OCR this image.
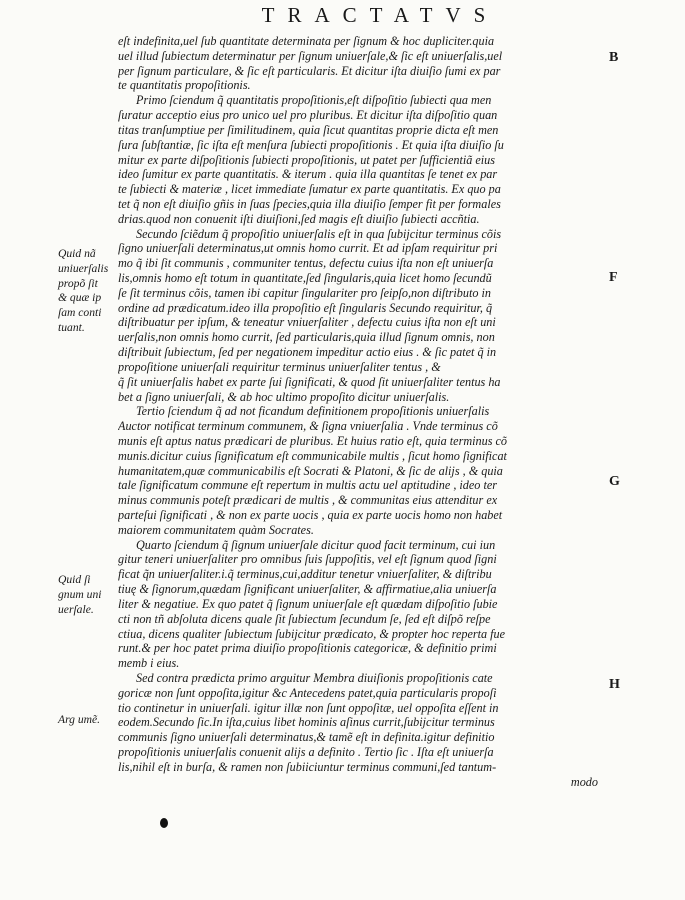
TRACTATVS
eſt indefinita,uel ſub quantitate determinata per ſignum & hoc dupliciter.quia
uel illud ſubiectum determinatur per ſignum uniuerſale,& ſic eſt uniuerſalis,uel
per ſignum particulare, & ſic eſt particularis. Et dicitur iſta diuiſio ſumi ex par
te quantitatis propoſitionis.
Primo ſciendum q̃ quantitatis propoſitionis,eſt diſpoſitio ſubiecti qua men
ſuratur acceptio eius pro unico uel pro pluribus. Et dicitur iſta diſpoſitio quan
titas tranſumptiue per ſimilitudinem, quia ſicut quantitas proprie dicta eſt men
ſura ſubſtantiæ, ſic iſta eſt menſura ſubiecti propoſitionis . Et quia iſta diuiſio ſu
mitur ex parte diſpoſitionis ſubiecti propoſitionis, ut patet per ſufficientiã eius
ideo ſumitur ex parte quantitatis. & iterum . quia illa quantitas ſe tenet ex par
te ſubiecti & materiæ , licet immediate ſumatur ex parte quantitatis. Ex quo pa
tet q̃ non eſt diuiſio gñis in ſuas ſpecies,quia illa diuiſio ſemper fit per formales
drias.quod non conuenit iſti diuiſioni,ſed magis eſt diuiſio ſubiecti accñtia.
Secundo ſciẽdum q̃ propoſitio uniuerſalis eſt in qua ſubijcitur terminus cõis
ſigno uniuerſali determinatus,ut omnis homo currit. Et ad ipſam requiritur pri
mo q̃ ibi ſit communis , communiter tentus, defectu cuius iſta non eſt uniuerſa
lis,omnis homo eſt totum in quantitate,ſed ſingularis,quia licet homo ſecundũ
ſe ſit terminus cõis, tamen ibi capitur ſingulariter pro ſeipſo,non diſtributo in
ordine ad prædicatum.ideo illa propoſitio eſt ſingularis Secundo requiritur, q̃
diſtribuatur per ipſum, & teneatur vniuerſaliter , defectu cuius iſta non eſt uni
uerſalis,non omnis homo currit, ſed particularis,quia illud ſignum omnis, non
diſtribuit ſubiectum, ſed per negationem impeditur actio eius . & ſic patet q̃ in
propoſitione uniuerſali requiritur terminus uniuerſaliter tentus , &
q̃ ſit uniuerſalis habet ex parte ſui ſignificati, & quod ſit uniuerſaliter tentus ha
bet a ſigno uniuerſali, & ab hoc ultimo propoſito dicitur uniuerſalis.
Tertio ſciendum q̃ ad not ficandum definitionem propoſitionis uniuerſalis
Auctor notificat terminum communem, & ſigna vniuerſalia . Vnde terminus cõ
munis eſt aptus natus prædicari de pluribus. Et huius ratio eſt, quia terminus cõ
munis.dicitur cuius ſignificatum eſt communicabile multis , ſicut homo ſignificat
humanitatem,quæ communicabilis eſt Socrati & Platoni, & ſic de alijs , & quia
tale ſignificatum commune eſt repertum in multis actu uel aptitudine , ideo ter
minus communis poteſt prædicari de multis , & communitas eius attenditur ex
parteſui ſignificati , & non ex parte uocis , quia ex parte uocis homo non habet
maiorem communitatem quàm Socrates.
Quarto ſciendum q̃ ſignum uniuerſale dicitur quod facit terminum, cui iun
gitur teneri uniuerſaliter pro omnibus ſuis ſuppoſitis, vel eſt ſignum quod ſigni
ficat q̃n uniuerſaliter.i.q̃ terminus,cui,additur tenetur vniuerſaliter, & diſtribu
tiuę & ſignorum,quædam ſignificant uniuerſaliter, & affirmatiue,alia uniuerſa
liter & negatiue. Ex quo patet q̃ ſignum uniuerſale eſt quædam diſpoſitio ſubie
cti non tñ abſoluta dicens quale ſit ſubiectum ſecundum ſe, ſed eſt diſpõ reſpe
ctiua, dicens qualiter ſubiectum ſubijcitur prædicato, & propter hoc reperta fue
runt.& per hoc patet prima diuiſio propoſitionis categoricæ, & definitio primi
memb i eius.
Sed contra prædicta primo arguitur Membra diuiſionis propoſitionis cate
goricæ non ſunt oppoſita,igitur &c Antecedens patet,quia particularis propoſi
tio continetur in uniuerſali. igitur illæ non ſunt oppoſitæ, uel oppoſita eſſent in
eodem.Secundo ſic.In iſta,cuius libet hominis aſinus currit,ſubijcitur terminus
communis ſigno uniuerſali determinatus,& tamẽ eſt in definita.igitur definitio
propoſitionis uniuerſalis conuenit alijs a definito . Tertio ſic . Iſta eſt uniuerſa
lis,nihil eſt in burſa, & ramen non ſubiiciuntur terminus communi,ſed tantum-
modo
Quid nã
uniuerſalis
propõ ſit
& quæ ip
ſam conti
tuant.
Quid ſi
gnum uni
uerſale.
Arg umẽ.
B
F
G
H
